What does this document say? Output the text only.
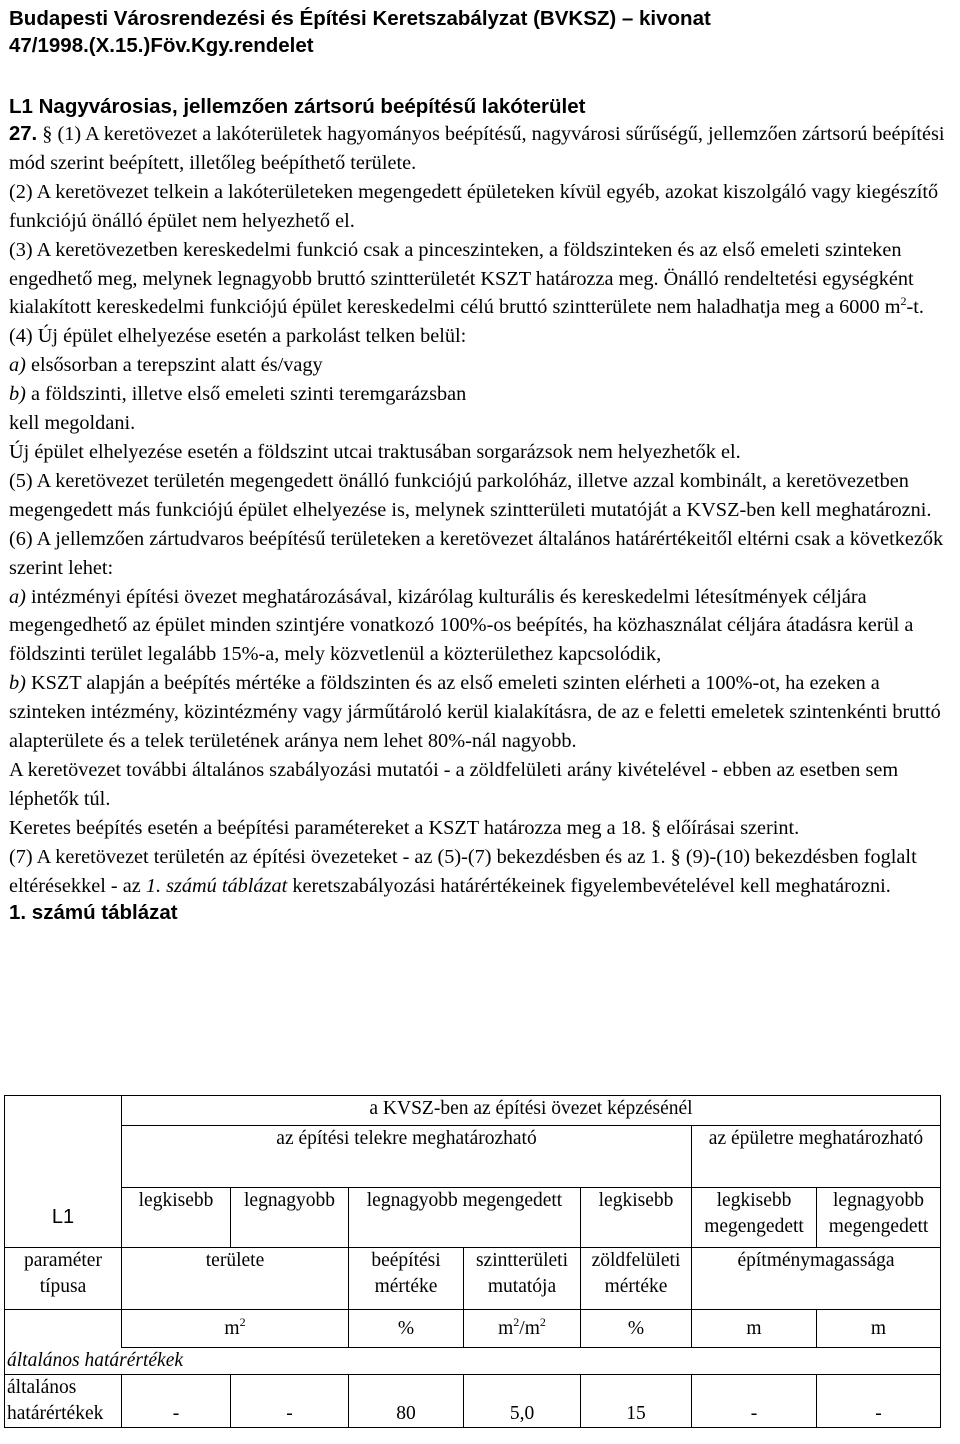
Budapesti Városrendezési és Építési Keretszabályzat (BVKSZ) – kivonat
47/1998.(X.15.)Föv.Kgy.rendelet

L1 Nagyvárosias, jellemzően zártsorú beépítésű lakóterület

27. § (1) A keretövezet a lakóterületek hagyományos beépítésű, nagyvárosi sűrűségű, jellemzően zártsorú beépítési mód szerint beépített, illetőleg beépíthető területe.

(2) A keretövezet telkein a lakóterületeken megengedett épületeken kívül egyéb, azokat kiszolgáló vagy kiegészítő funkciójú önálló épület nem helyezhető el.

(3) A keretövezetben kereskedelmi funkció csak a pinceszinteken, a földszinteken és az első emeleti szinteken engedhető meg, melynek legnagyobb bruttó szintterületét KSZT határozza meg. Önálló rendeltetési egységként kialakított kereskedelmi funkciójú épület kereskedelmi célú bruttó szintterülete nem haladhatja meg a 6000 $m^2-t$.

(4) Új épület elhelyezése esetén a parkolást telken belül:

a) elsősorban a terepszint alatt és/vagy

b) a földszinti, illetve első emeleti szinti teremgarázsban

kell megoldani.

Új épület elhelyezése esetén a földszint utcai traktusában sorgarázsok nem helyezhetők el.

(5) A keretövezet területén megengedett önálló funkciójú parkolóház, illetve azzal kombinált, a keretövezetben megengedett más funkciójú épület elhelyezése is, melynek szintterületi mutatóját a KVSZ-ben kell meghatározni.

(6) A jellemzően zártudvaros beépítésű területeken a keretövezet általános határértékeitől eltérni csak a következők szerint lehet:

a) intézményi építési övezet meghatározásával, kizárólag kulturális és kereskedelmi létesítmények céljára megengedhető az épület minden szintjére vonatkozó 100%-os beépítés, ha közhasználat céljára átadásra kerül a földszinti terület legalább 15%-a, mely közvetlenül a közterülethez kapcsolódik,

b) KSZT alapján a beépítés mértéke a földszinten és az első emeleti szinten elérheti a 100%-ot, ha ezeken a szinteken intézmény, közintézmény vagy járműtároló kerül kialakításra, de az e feletti emeletek szintenkénti bruttó alapterülete és a telek területének aránya nem lehet 80%-nál nagyobb.

A keretövezet további általános szabályozási mutatói - a zöldfelületi arány kivételével - ebben az esetben sem léphetők túl.

Keretes beépítés esetén a beépítési paramétereket a KSZT határozza meg a 18. § előírásai szerint.

(7) A keretövezet területén az építési övezeteket - az (5)-(7) bekezdésben és az 1. § (9)-(10) bekezdésben foglalt eltérésekkel - az 1. számú táblázat keretszabályozási határértékeinek figyelembevételével kell meghatározni.

1. számú táblázat

	a KVSZ-ben az építési övezet képzésénél						
	az építési telekre meghatározható					az épületre meghatározható	
L1	legkisebb	legnagyobb	legnagyobb megengedett		legkisebb	legkisebb megengedett	legnagyobb megengedett
paraméter típusa	területe		beépítési mértéke	szintterületi mutatója	zöldfelületi mértéke	építménymagassága	
	$m^2$		%	$m^2/m^2$	%	m	m
általános határértékek							
általános határértékek	-	-	80	5,0	15	-	-
